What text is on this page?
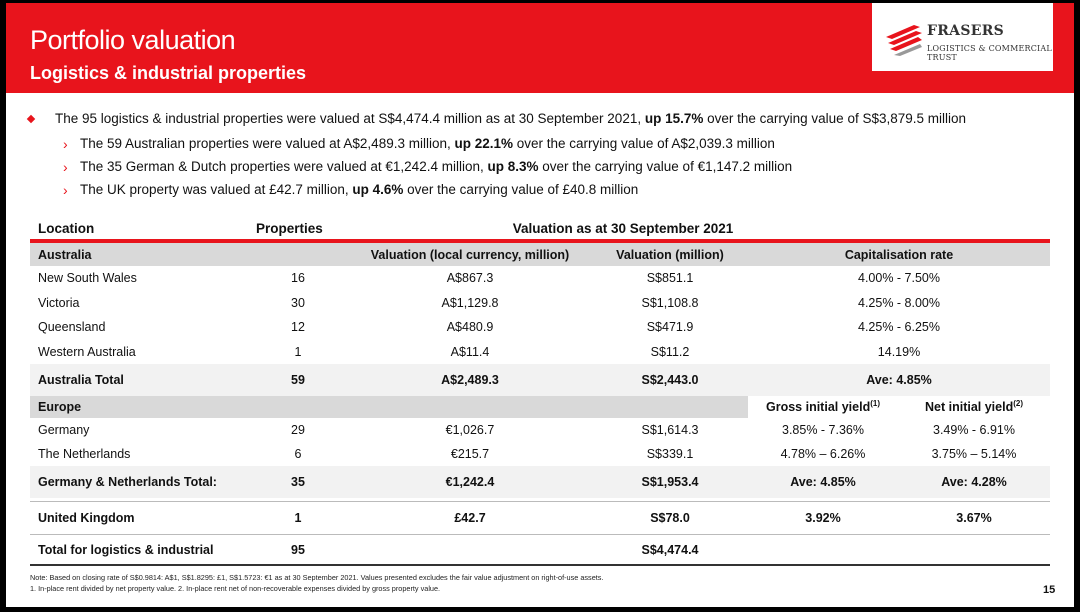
Portfolio valuation
Logistics & industrial properties
FRASERS
LOGISTICS & COMMERCIAL
TRUST
The 95 logistics & industrial properties were valued at S$4,474.4 million as at 30 September 2021, up 15.7% over the carrying value of S$3,879.5 million
› The 59 Australian properties were valued at A$2,489.3 million, up 22.1% over the carrying value of A$2,039.3 million
› The 35 German & Dutch properties were valued at €1,242.4 million, up 8.3% over the carrying value of €1,147.2 million
› The UK property was valued at £42.7 million, up 4.6% over the carrying value of £40.8 million
Location	Properties	Valuation as at 30 September 2021			
Australia		Valuation (local currency, million)	Valuation (million)	Capitalisation rate	
New South Wales	16	A$867.3	S$851.1	4.00% - 7.50%	
Victoria	30	A$1,129.8	S$1,108.8	4.25% - 8.00%	
Queensland	12	A$480.9	S$471.9	4.25% - 6.25%	
Western Australia	1	A$11.4	S$11.2	14.19%	
Australia Total	59	A$2,489.3	S$2,443.0	Ave: 4.85%	
Europe				Gross initial yield$^{(1)}$	Net initial yield$^{(2)}$
Germany	29	€1,026.7	S$1,614.3	3.85% - 7.36%	3.49% - 6.91%
The Netherlands	6	€215.7	S$339.1	4.78% – 6.26%	3.75% – 5.14%
Germany & Netherlands Total:	35	€1,242.4	S$1,953.4	Ave: 4.85%	Ave: 4.28%

United Kingdom	1	£42.7	S$78.0	3.92%	3.67%
Total for logistics & industrial	95		S$4,474.4		
Note: Based on closing rate of S$0.9814: A$1, S$1.8295: £1, S$1.5723: €1 as at 30 September 2021. Values presented excludes the fair value adjustment on right-of-use assets.
1. In-place rent divided by net property value. 2. In-place rent net of non-recoverable expenses divided by gross property value.	15
